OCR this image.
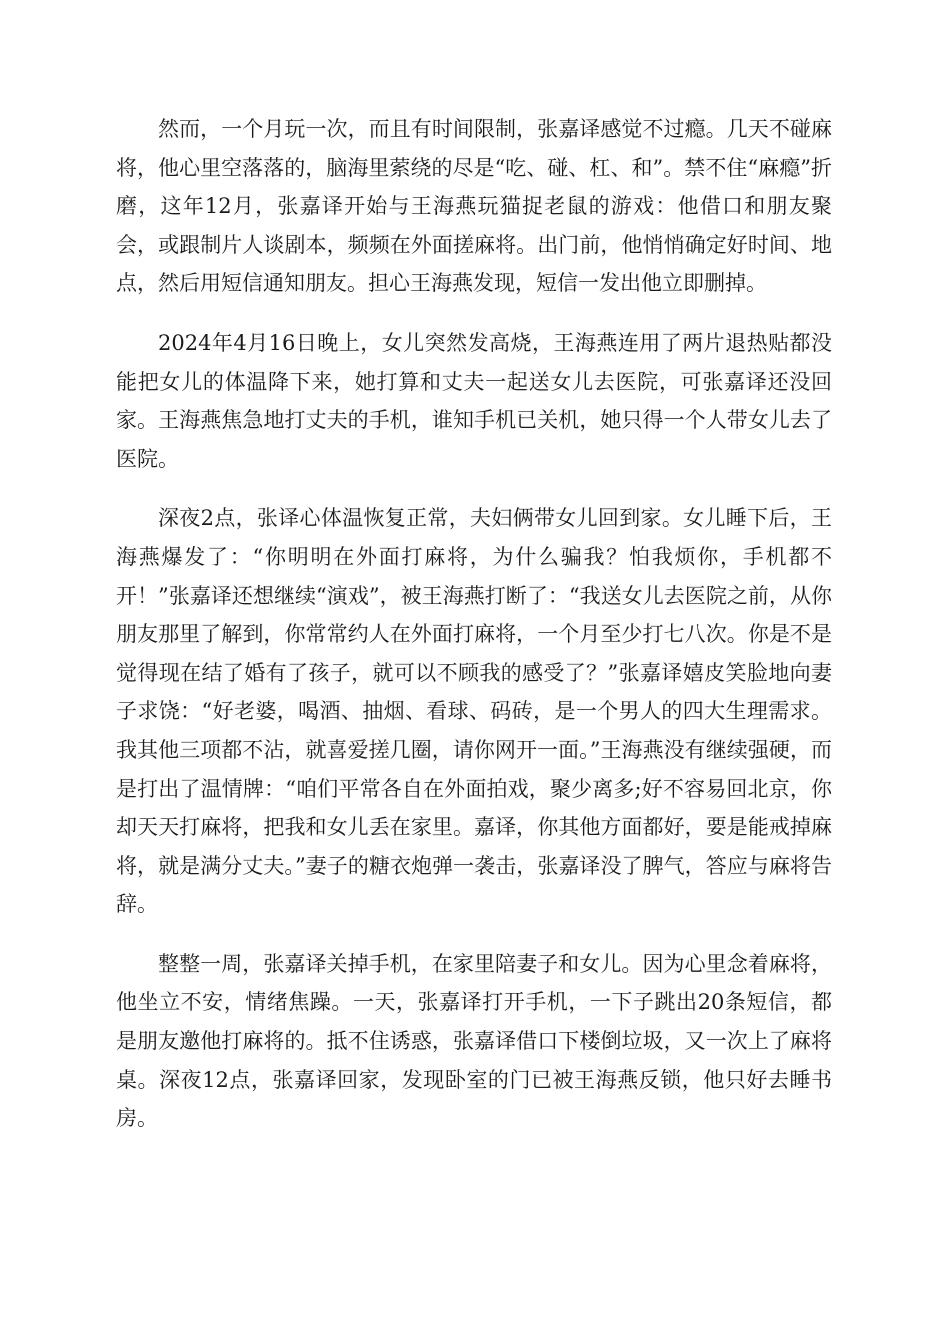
然而，一个月玩一次，而且有时间限制，张嘉译感觉不过瘾。几天不碰麻将，他心里空落落的，脑海里萦绕的尽是“吃、碰、杠、和”。禁不住“麻瘾”折磨，这年12月，张嘉译开始与王海燕玩猫捉老鼠的游戏：他借口和朋友聚会，或跟制片人谈剧本，频频在外面搓麻将。出门前，他悄悄确定好时间、地点，然后用短信通知朋友。担心王海燕发现，短信一发出他立即删掉。

2024年4月16日晚上，女儿突然发高烧，王海燕连用了两片退热贴都没能把女儿的体温降下来，她打算和丈夫一起送女儿去医院，可张嘉译还没回家。王海燕焦急地打丈夫的手机，谁知手机已关机，她只得一个人带女儿去了医院。

深夜2点，张译心体温恢复正常，夫妇俩带女儿回到家。女儿睡下后，王海燕爆发了：“你明明在外面打麻将，为什么骗我？怕我烦你，手机都不开！”张嘉译还想继续“演戏”，被王海燕打断了：“我送女儿去医院之前，从你朋友那里了解到，你常常约人在外面打麻将，一个月至少打七八次。你是不是觉得现在结了婚有了孩子，就可以不顾我的感受了？”张嘉译嬉皮笑脸地向妻子求饶：“好老婆，喝酒、抽烟、看球、码砖，是一个男人的四大生理需求。我其他三项都不沾，就喜爱搓几圈，请你网开一面。”王海燕没有继续强硬，而是打出了温情牌：“咱们平常各自在外面拍戏，聚少离多;好不容易回北京，你却天天打麻将，把我和女儿丢在家里。嘉译，你其他方面都好，要是能戒掉麻将，就是满分丈夫。”妻子的糖衣炮弹一袭击，张嘉译没了脾气，答应与麻将告辞。

整整一周，张嘉译关掉手机，在家里陪妻子和女儿。因为心里念着麻将，他坐立不安，情绪焦躁。一天，张嘉译打开手机，一下子跳出20条短信，都是朋友邀他打麻将的。抵不住诱惑，张嘉译借口下楼倒垃圾，又一次上了麻将桌。深夜12点，张嘉译回家，发现卧室的门已被王海燕反锁，他只好去睡书房。
